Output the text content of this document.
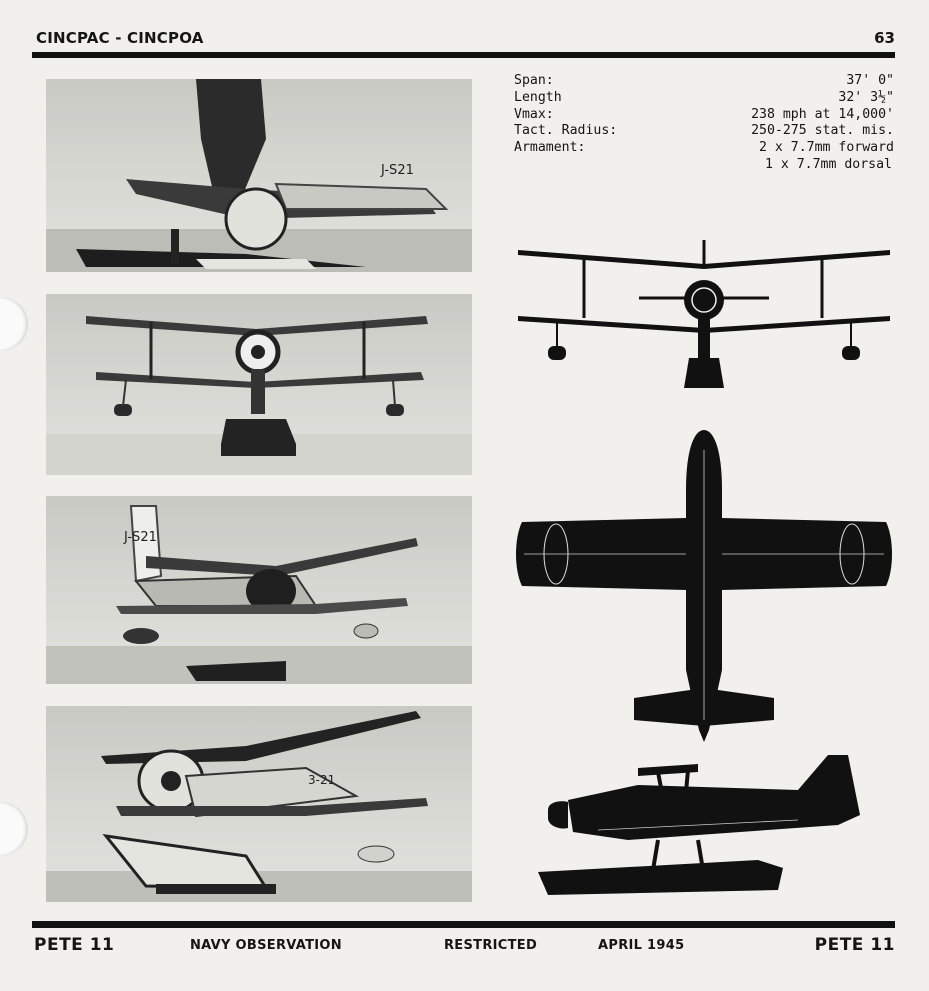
CINCPAC - CINCPOA	63
J-S21
J-S21
3-21
Span:	37' 0"
Length	32' 3½"
Vmax:	238 mph at 14,000'
Tact. Radius:	250-275 stat. mis.
Armament:	2 x 7.7mm forward
1 x 7.7mm dorsal
PETE 11	NAVY OBSERVATION	RESTRICTED	APRIL 1945	PETE 11
